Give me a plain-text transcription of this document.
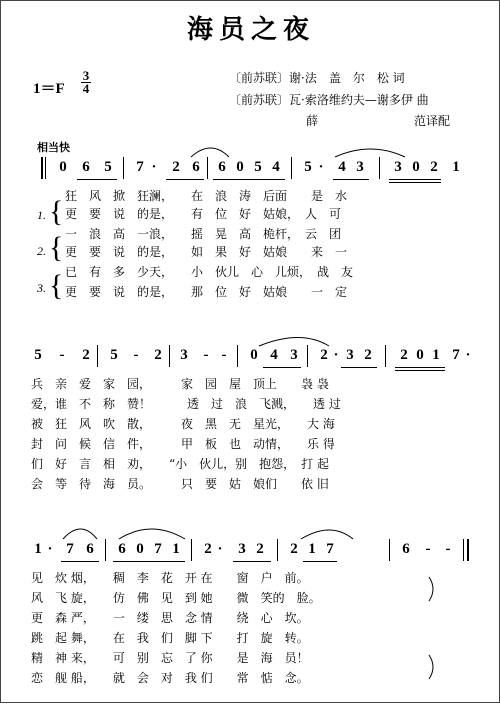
海员之夜
1＝F
3
4
〔前苏联〕谢·法　盖　尔　松 词
〔前苏联〕瓦·索洛维约夫—谢多伊 曲
薛　　　　　　　　范译配
相当快
0 6 5 7 ·	2 6 6 0 5 4 5 · 4 3 3 0 2 1
1.
2.
3.
{
{
{
狂　风　掀　狂澜，　　在　浪　涛　后面　　是　水
更　要　说　的是，　　有　位　好　姑娘，　人　可
一　浪　高　一浪，　　摇　晃　高　桅杆，　云　团
更　要　说　的是，　　如　果　好　姑娘　　来　一
已　有　多　少天，　　小　伙儿　心　儿烦，　战　友
更　要　说　的是，　　那　位　好　姑娘　　一　定
5	-	2 5	-	2 3	- -	0 4 3 2 · 3 2 2 0 1 7 ·
兵　亲　爱　家　园，　　　家　园　屋　顶上　　袅 袅
爱，谁　不　称　赞！　　　透　过　浪　飞溅，　　透 过
被　狂　风　吹　散，　　　夜　黑　无　星光，　　大 海
封　问　候　信　件，　　　甲　板　也　动情，　　乐 得
们　好　言　相　劝，　　“小　伙儿，别　抱怨，　打 起
会　等　待　海　员。　　　只　要　姑　娘们　　依 旧
1 · 7 6 6 0 7 1 2 ·	3 2 2 1 7	6	-	-
见　炊 烟，　　稠　李　花　开 在　　窗　户　前。
风　飞 旋，　　仿　佛　见　到 她　　微　笑的　脸。
更　森 严，　　一　缕　思　念 情　　绕　心　坎。
跳　起 舞，　　在　我　们　脚 下　　打　旋　转。
精　神 来，　　可　别　忘　了 你　　是　海　员！
恋　舰 船，　　就　会　对　我 们　　常　惦　念。
